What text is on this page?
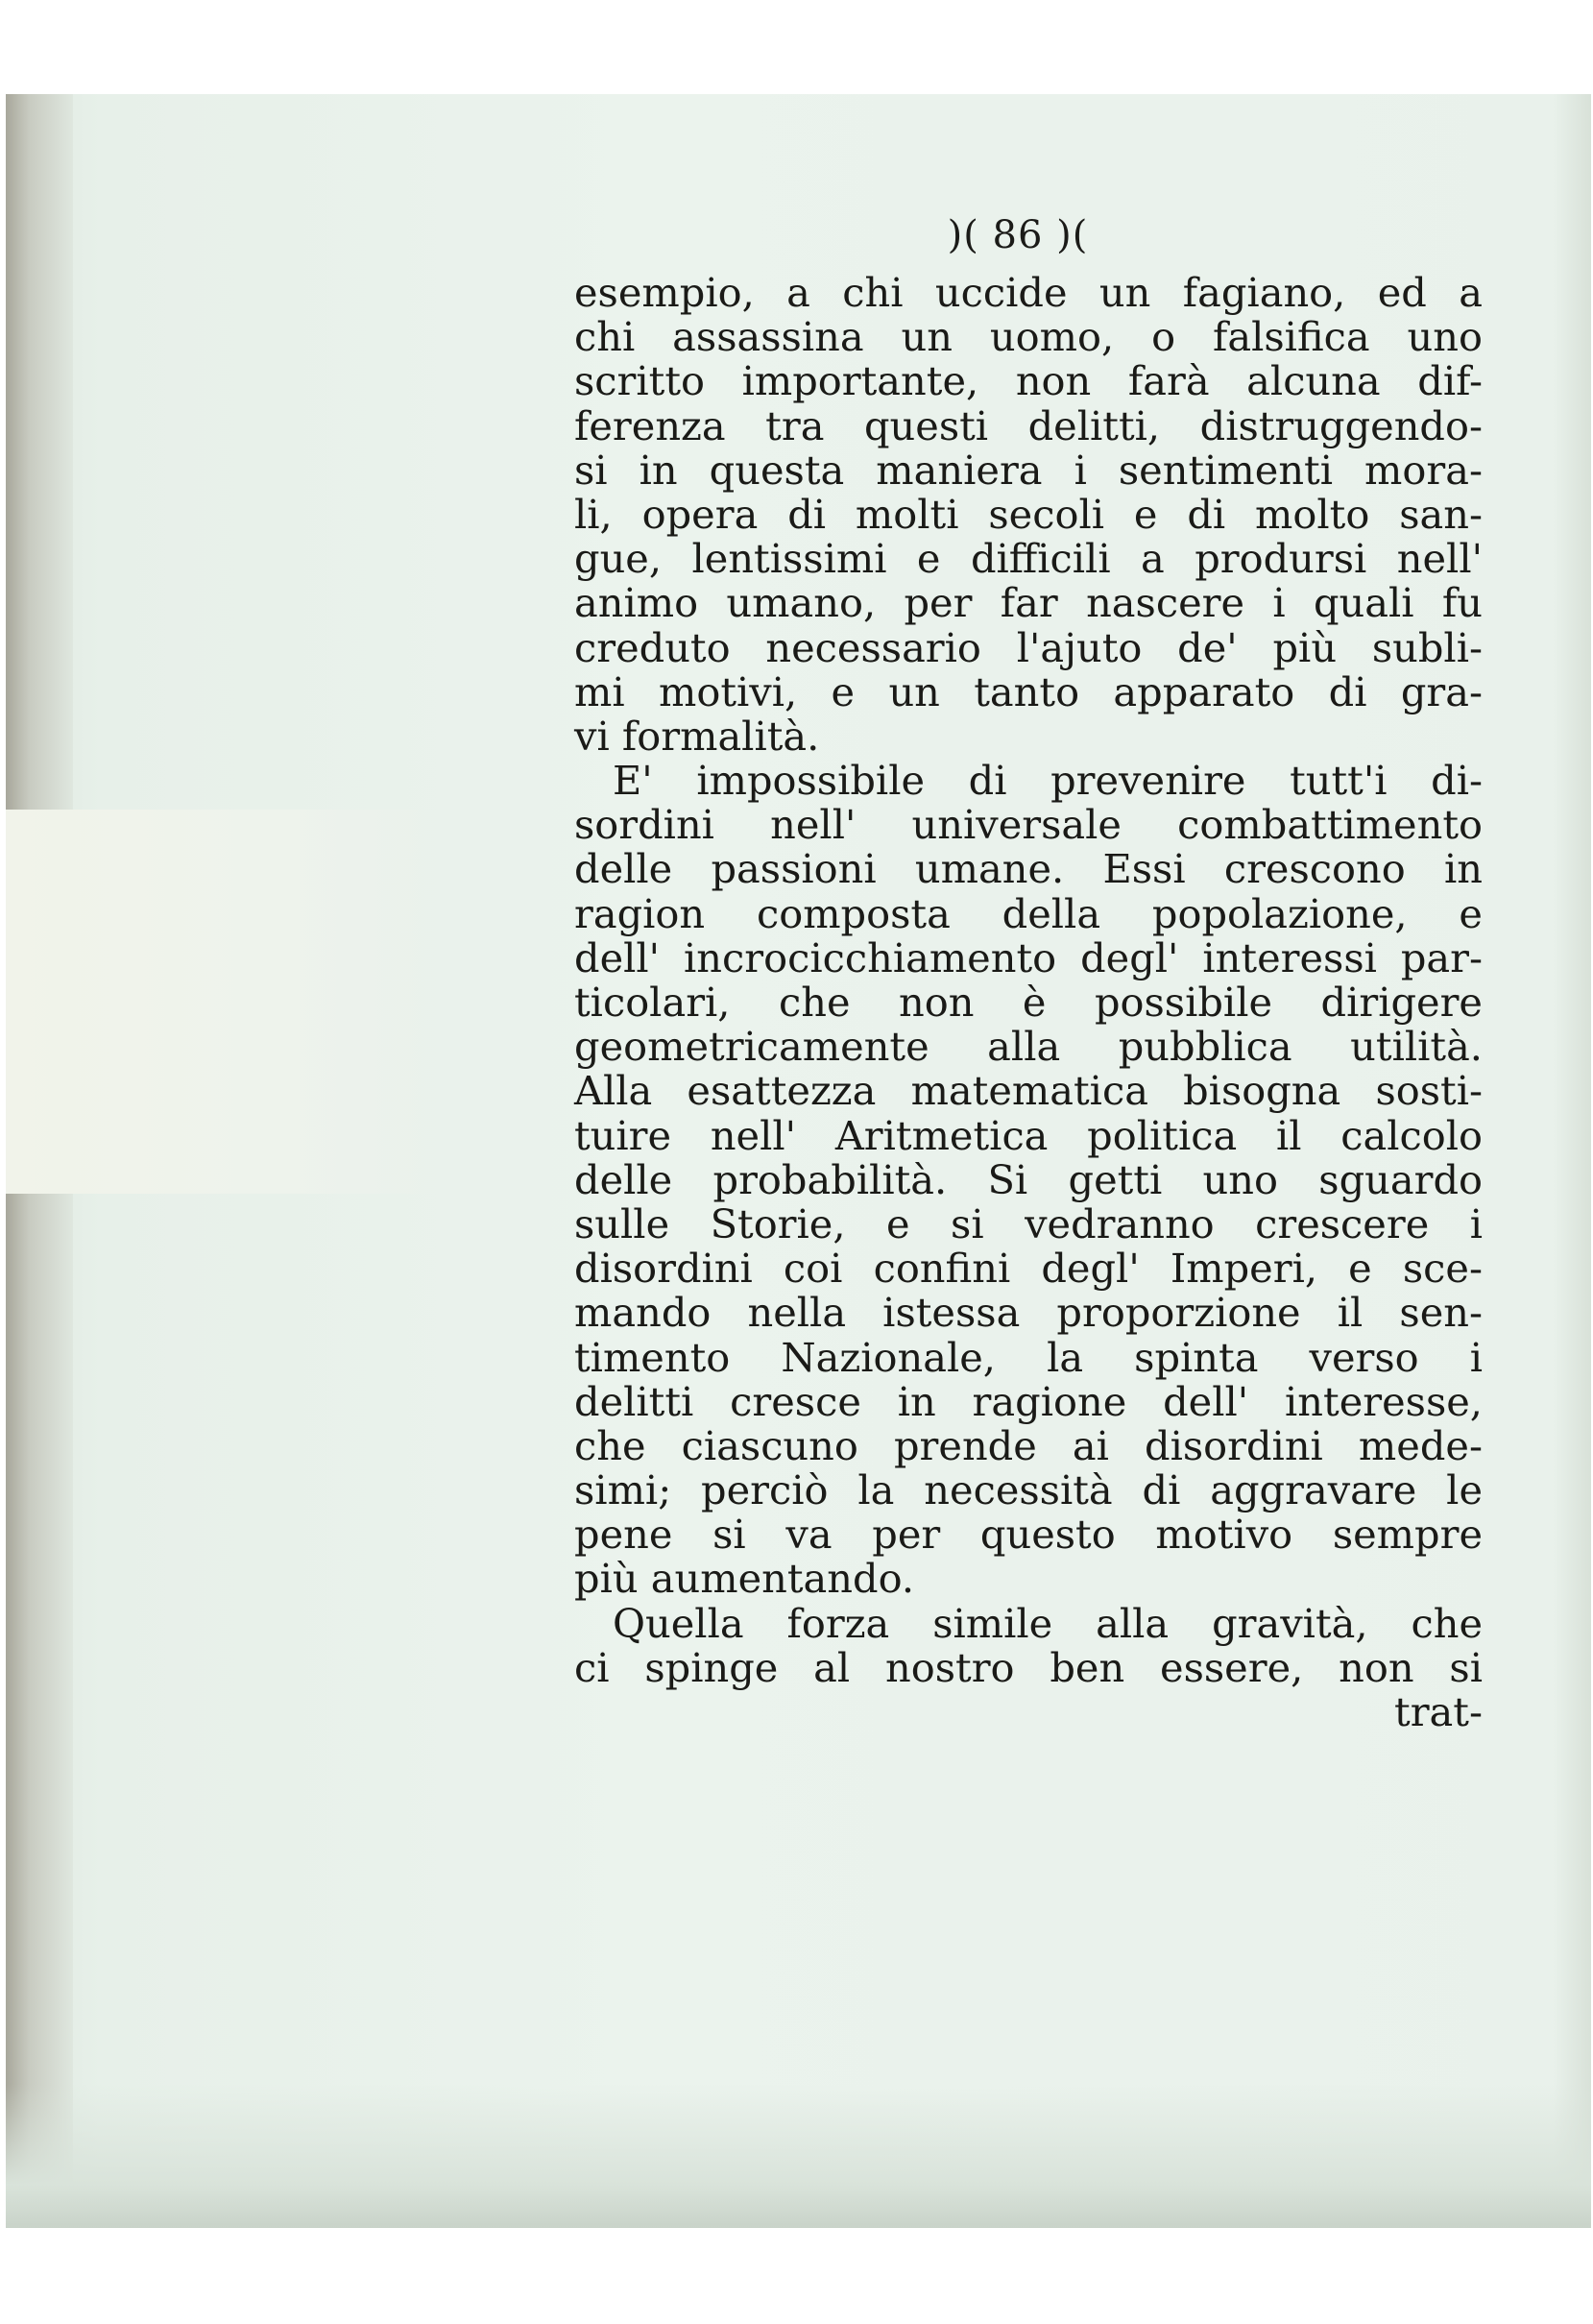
)( 86 )(
esempio, a chi uccide un fagiano, ed a
chi assassina un uomo, o falsifica uno
scritto importante, non farà alcuna dif-
ferenza tra questi delitti, distruggendo-
si in questa maniera i sentimenti mora-
li, opera di molti secoli e di molto san-
gue, lentissimi e difficili a prodursi nell'
animo umano, per far nascere i quali fu
creduto necessario l'ajuto de' più subli-
mi motivi, e un tanto apparato di gra-
vi formalità.
E' impossibile di prevenire tutt'i di-
sordini nell' universale combattimento
delle passioni umane. Essi crescono in
ragion composta della popolazione, e
dell' incrocicchiamento degl' interessi par-
ticolari, che non è possibile dirigere
geometricamente alla pubblica utilità.
Alla esattezza matematica bisogna sosti-
tuire nell' Aritmetica politica il calcolo
delle probabilità. Si getti uno sguardo
sulle Storie, e si vedranno crescere i
disordini coi confini degl' Imperi, e sce-
mando nella istessa proporzione il sen-
timento Nazionale, la spinta verso i
delitti cresce in ragione dell' interesse,
che ciascuno prende ai disordini mede-
simi; perciò la necessità di aggravare le
pene si va per questo motivo sempre
più aumentando.
Quella forza simile alla gravità, che
ci spinge al nostro ben essere, non si
trat-
